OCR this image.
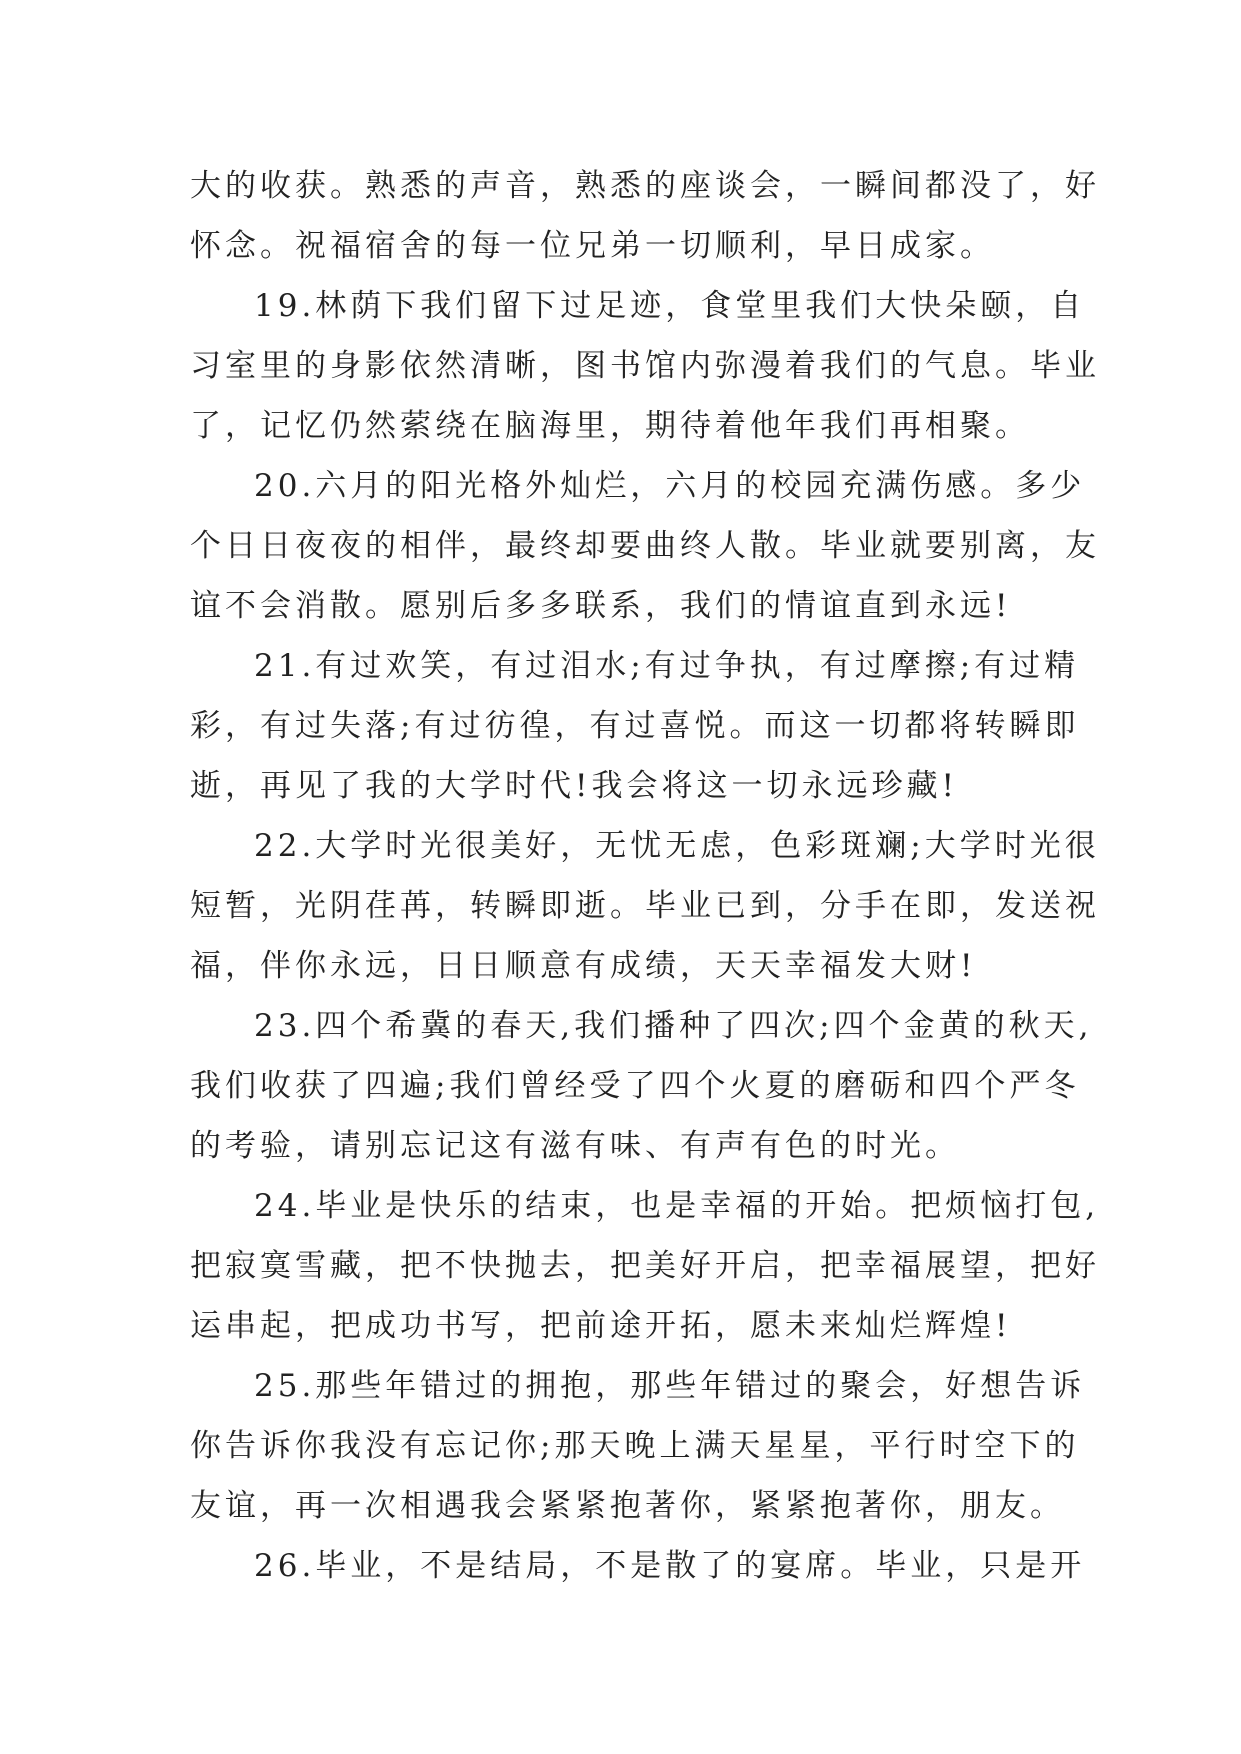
大的收获。熟悉的声音，熟悉的座谈会，一瞬间都没了，好
怀念。祝福宿舍的每一位兄弟一切顺利，早日成家。
19.林荫下我们留下过足迹，食堂里我们大快朵颐，自
习室里的身影依然清晰，图书馆内弥漫着我们的气息。毕业
了，记忆仍然萦绕在脑海里，期待着他年我们再相聚。
20.六月的阳光格外灿烂，六月的校园充满伤感。多少
个日日夜夜的相伴，最终却要曲终人散。毕业就要别离，友
谊不会消散。愿别后多多联系，我们的情谊直到永远!
21.有过欢笑，有过泪水;有过争执，有过摩擦;有过精
彩，有过失落;有过彷徨，有过喜悦。而这一切都将转瞬即
逝，再见了我的大学时代!我会将这一切永远珍藏!
22.大学时光很美好，无忧无虑，色彩斑斓;大学时光很
短暂，光阴荏苒，转瞬即逝。毕业已到，分手在即，发送祝
福，伴你永远，日日顺意有成绩，天天幸福发大财!
23.四个希冀的春天,我们播种了四次;四个金黄的秋天,
我们收获了四遍;我们曾经受了四个火夏的磨砺和四个严冬
的考验，请别忘记这有滋有味、有声有色的时光。
24.毕业是快乐的结束，也是幸福的开始。把烦恼打包,
把寂寞雪藏，把不快抛去，把美好开启，把幸福展望，把好
运串起，把成功书写，把前途开拓，愿未来灿烂辉煌!
25.那些年错过的拥抱，那些年错过的聚会，好想告诉
你告诉你我没有忘记你;那天晚上满天星星，平行时空下的
友谊，再一次相遇我会紧紧抱著你，紧紧抱著你，朋友。
26.毕业，不是结局，不是散了的宴席。毕业，只是开
